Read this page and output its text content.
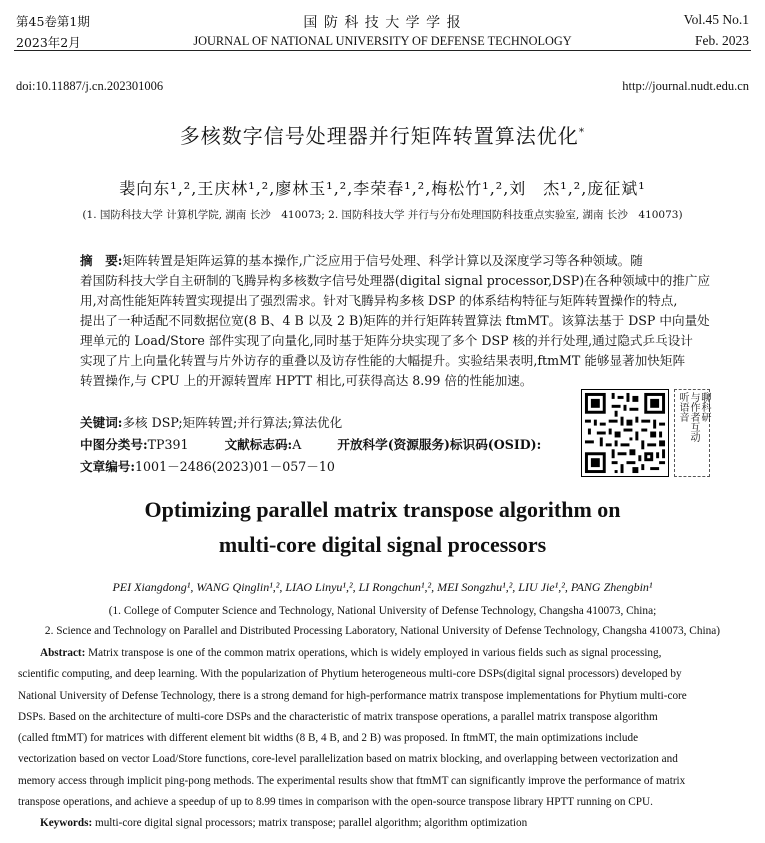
第45卷第1期
2023年2月
国 防 科 技 大 学 学 报
JOURNAL OF NATIONAL UNIVERSITY OF DEFENSE TECHNOLOGY
Vol.45 No.1
Feb. 2023
doi:10.11887/j.cn.202301006	http://journal.nudt.edu.cn
多核数字信号处理器并行矩阵转置算法优化*
裴向东¹,²,王庆林¹,²,廖林玉¹,²,李荣春¹,²,梅松竹¹,²,刘　杰¹,²,庞征斌¹
(1. 国防科技大学 计算机学院, 湖南 长沙　410073; 2. 国防科技大学 并行与分布处理国防科技重点实验室, 湖南 长沙　410073)
摘　要:矩阵转置是矩阵运算的基本操作,广泛应用于信号处理、科学计算以及深度学习等各种领域。随
着国防科技大学自主研制的飞腾异构多核数字信号处理器(digital signal processor,DSP)在各种领域中的推广应
用,对高性能矩阵转置实现提出了强烈需求。针对飞腾异构多核 DSP 的体系结构特征与矩阵转置操作的特点,
提出了一种适配不同数据位宽(8 B、4 B 以及 2 B)矩阵的并行矩阵转置算法 ftmMT。该算法基于 DSP 中向量处
理单元的 Load/Store 部件实现了向量化,同时基于矩阵分块实现了多个 DSP 核的并行处理,通过隐式乒乓设计
实现了片上向量化转置与片外访存的重叠以及访存性能的大幅提升。实验结果表明,ftmMT 能够显著加快矩阵
转置操作,与 CPU 上的开源转置库 HPTT 相比,可获得高达 8.99 倍的性能加速。
关键词:多核 DSP;矩阵转置;并行算法;算法优化
中图分类号:TP391	文献标志码:A	开放科学(资源服务)标识码(OSID):
文章编号:1001－2486(2023)01－057－10
听语音 与作者互动 聊科研
Optimizing parallel matrix transpose algorithm on
multi-core digital signal processors
PEI Xiangdong¹, WANG Qinglin¹,², LIAO Linyu¹,², LI Rongchun¹,², MEI Songzhu¹,², LIU Jie¹,², PANG Zhengbin¹
(1. College of Computer Science and Technology, National University of Defense Technology, Changsha 410073, China;
2. Science and Technology on Parallel and Distributed Processing Laboratory, National University of Defense Technology, Changsha 410073, China)
Abstract: Matrix transpose is one of the common matrix operations, which is widely employed in various fields such as signal processing,
scientific computing, and deep learning. With the popularization of Phytium heterogeneous multi-core DSPs(digital signal processors) developed by
National University of Defense Technology, there is a strong demand for high-performance matrix transpose implementations for Phytium multi-core
DSPs. Based on the architecture of multi-core DSPs and the characteristic of matrix transpose operations, a parallel matrix transpose algorithm
(called ftmMT) for matrices with different element bit widths (8 B, 4 B, and 2 B) was proposed. In ftmMT, the main optimizations include
vectorization based on vector Load/Store functions, core-level parallelization based on matrix blocking, and overlapping between vectorization and
memory access through implicit ping-pong methods. The experimental results show that ftmMT can significantly improve the performance of matrix
transpose operations, and achieve a speedup of up to 8.99 times in comparison with the open-source transpose library HPTT running on CPU.
Keywords: multi-core digital signal processors; matrix transpose; parallel algorithm; algorithm optimization
